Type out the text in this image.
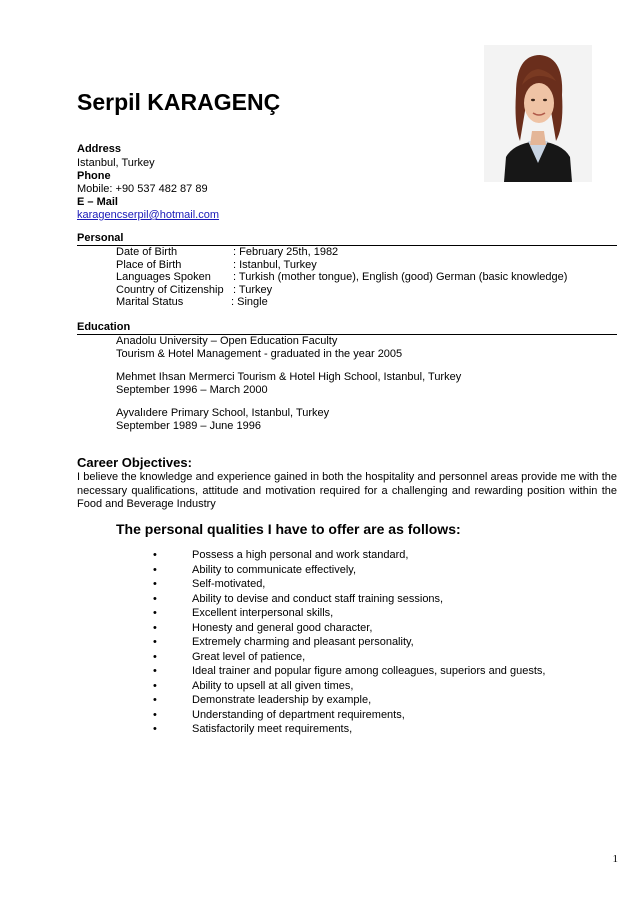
Serpil KARAGENÇ
Address
Istanbul, Turkey
Phone
Mobile: +90 537 482 87 89
E – Mail
karagencserpil@hotmail.com
Personal
Date of Birth	: February 25th, 1982
Place of Birth	: Istanbul, Turkey
Languages Spoken : Turkish (mother tongue), English (good) German (basic knowledge)
Country of Citizenship : Turkey
Marital Status	: Single
Education
Anadolu University – Open Education Faculty
Tourism & Hotel Management - graduated in the year 2005
Mehmet Ihsan Mermerci Tourism & Hotel High School, Istanbul, Turkey
September 1996 – March 2000
Ayvalıdere Primary School, Istanbul, Turkey
September 1989 – June 1996
Career Objectives:
I believe the knowledge and experience gained in both the hospitality and personnel areas provide me with the necessary qualifications, attitude and motivation required for a challenging and rewarding position within the Food and Beverage Industry
The personal qualities I have to offer are as follows:
•	Possess a high personal and work standard,
•	Ability to communicate effectively,
•	Self-motivated,
•	Ability to devise and conduct staff training sessions,
•	Excellent interpersonal skills,
•	Honesty and general good character,
•	Extremely charming and pleasant personality,
•	Great level of patience,
•	Ideal trainer and popular figure among colleagues, superiors and guests,
•	Ability to upsell at all given times,
•	Demonstrate leadership by example,
•	Understanding of department requirements,
•	Satisfactorily meet requirements,
1
